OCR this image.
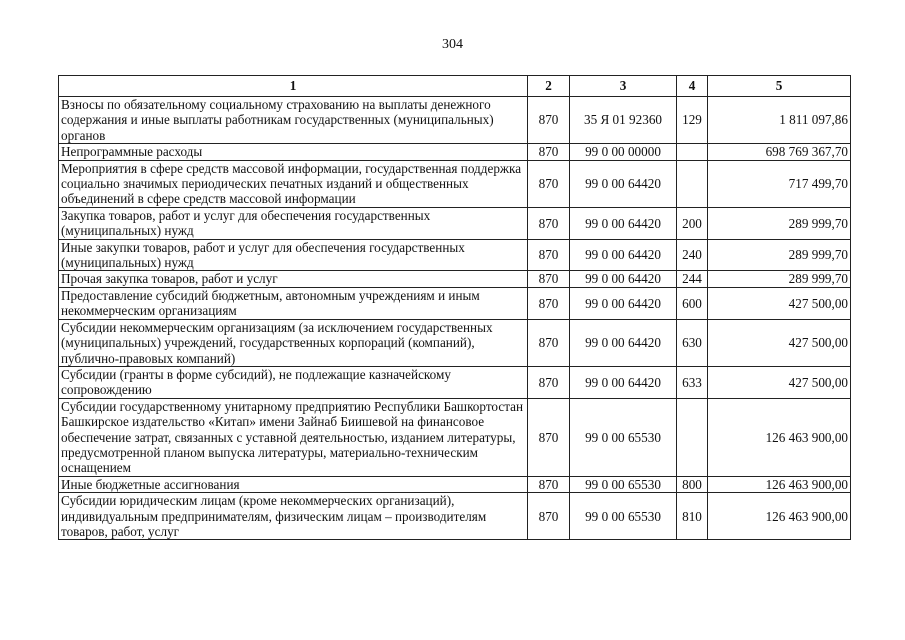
304
1	2	3	4	5
Взносы по обязательному социальному страхованию на выплаты денежного содержания и иные выплаты работникам государственных (муниципальных) органов	870	35 Я 01 92360	129	1 811 097,86
Непрограммные расходы	870	99 0 00 00000		698 769 367,70
Мероприятия в сфере средств массовой информации, государственная поддержка социально значимых периодических печатных изданий и общественных объединений в сфере средств массовой информации	870	99 0 00 64420		717 499,70
Закупка товаров, работ и услуг для обеспечения государственных (муниципальных) нужд	870	99 0 00 64420	200	289 999,70
Иные закупки товаров, работ и услуг для обеспечения государственных (муниципальных) нужд	870	99 0 00 64420	240	289 999,70
Прочая закупка товаров, работ и услуг	870	99 0 00 64420	244	289 999,70
Предоставление субсидий бюджетным, автономным учреждениям и иным некоммерческим организациям	870	99 0 00 64420	600	427 500,00
Субсидии некоммерческим организациям (за исключением государственных (муниципальных) учреждений, государственных корпораций (компаний), публично-правовых компаний)	870	99 0 00 64420	630	427 500,00
Субсидии (гранты в форме субсидий), не подлежащие казначейскому сопровождению	870	99 0 00 64420	633	427 500,00
Субсидии государственному унитарному предприятию Республики Башкортостан Башкирское издательство «Китап» имени Зайнаб Биишевой на финансовое обеспечение затрат, связанных с уставной деятельностью, изданием литературы, предусмотренной планом выпуска литературы, материально-техническим оснащением	870	99 0 00 65530		126 463 900,00
Иные бюджетные ассигнования	870	99 0 00 65530	800	126 463 900,00
Субсидии юридическим лицам (кроме некоммерческих организаций), индивидуальным предпринимателям, физическим лицам – производителям товаров, работ, услуг	870	99 0 00 65530	810	126 463 900,00
